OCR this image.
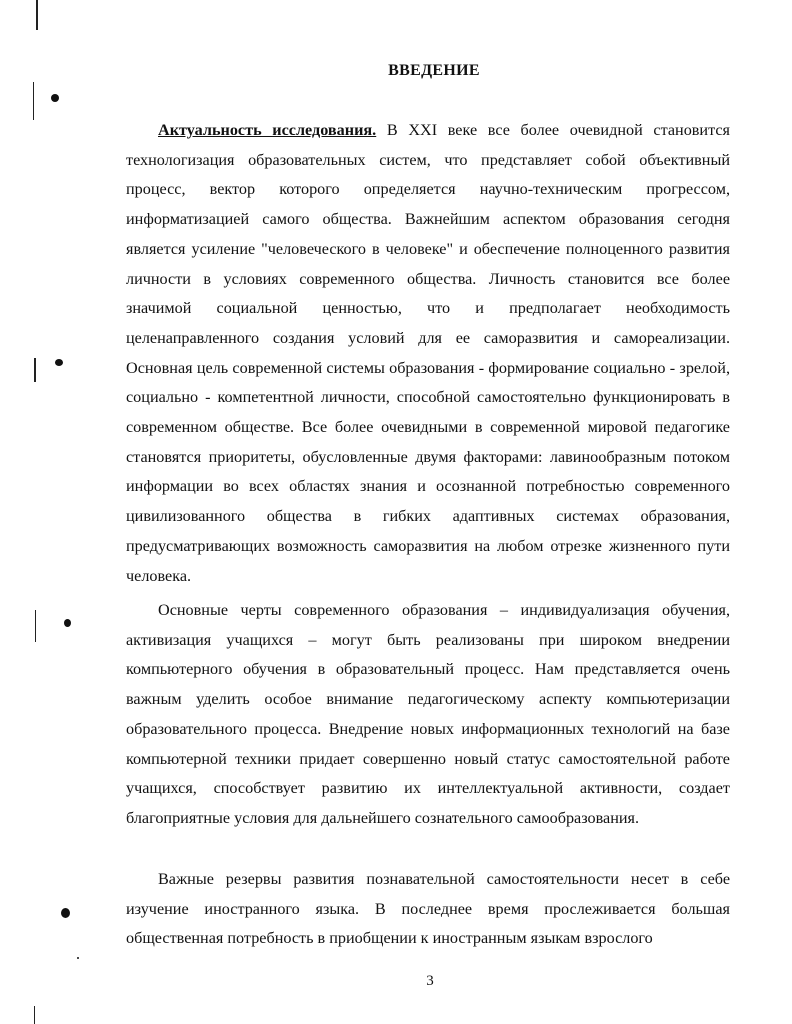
ВВЕДЕНИЕ

Актуальность исследования. В XXI веке все более очевидной становится технологизация образовательных систем, что представляет собой объективный процесс, вектор которого определяется научно-техническим прогрессом, информатизацией самого общества. Важнейшим аспектом образования сегодня является усиление "человеческого в человеке" и обеспечение полноценного развития личности в условиях современного общества. Личность становится все более значимой социальной ценностью, что и предполагает необходимость целенаправленного создания условий для ее саморазвития и самореализации. Основная цель современной системы образования - формирование социально - зрелой, социально - компетентной личности, способной самостоятельно функционировать в современном обществе. Все более очевидными в современной мировой педагогике становятся приоритеты, обусловленные двумя факторами: лавинообразным потоком информации во всех областях знания и осознанной потребностью современного цивилизованного общества в гибких адаптивных системах образования, предусматривающих возможность саморазвития на любом отрезке жизненного пути человека.

Основные черты современного образования – индивидуализация обучения, активизация учащихся – могут быть реализованы при широком внедрении компьютерного обучения в образовательный процесс. Нам представляется очень важным уделить особое внимание педагогическому аспекту компьютеризации образовательного процесса. Внедрение новых информационных технологий на базе компьютерной техники придает совершенно новый статус самостоятельной работе учащихся, способствует развитию их интеллектуальной активности, создает благоприятные условия для дальнейшего сознательного самообразования.

Важные резервы развития познавательной самостоятельности несет в себе изучение иностранного языка. В последнее время прослеживается большая общественная потребность в приобщении к иностранным языкам взрослого

3
